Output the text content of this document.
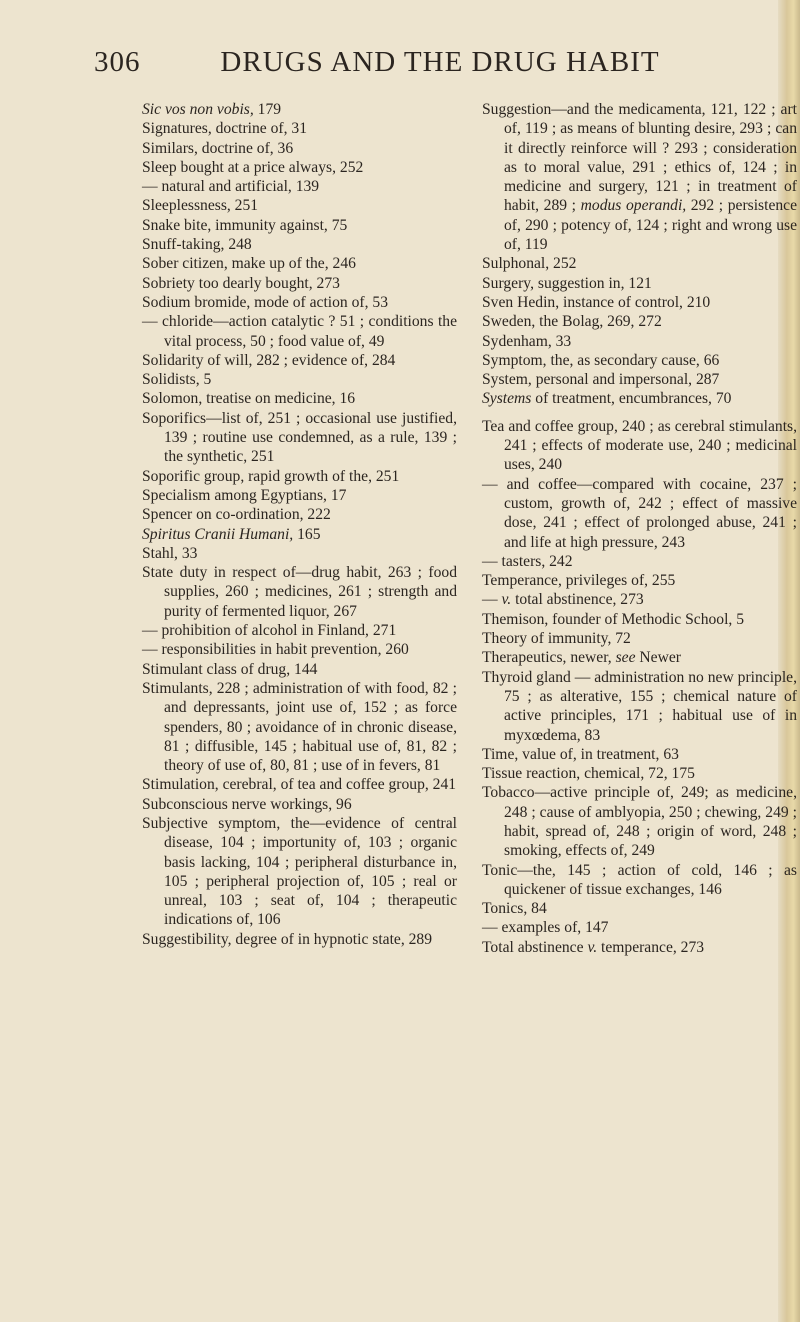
306	DRUGS AND THE DRUG HABIT

Sic vos non vobis, 179

Signatures, doctrine of, 31

Similars, doctrine of, 36

Sleep bought at a price always, 252

— natural and artificial, 139

Sleeplessness, 251

Snake bite, immunity against, 75

Snuff-taking, 248

Sober citizen, make up of the, 246

Sobriety too dearly bought, 273

Sodium bromide, mode of action of, 53

— chloride—action catalytic ? 51 ; conditions the vital process, 50 ; food value of, 49

Solidarity of will, 282 ; evidence of, 284

Solidists, 5

Solomon, treatise on medicine, 16

Soporifics—list of, 251 ; occasional use justified, 139 ; routine use condemned, as a rule, 139 ; the synthetic, 251

Soporific group, rapid growth of the, 251

Specialism among Egyptians, 17

Spencer on co-ordination, 222

Spiritus Cranii Humani, 165

Stahl, 33

State duty in respect of—drug habit, 263 ; food supplies, 260 ; medicines, 261 ; strength and purity of fermented liquor, 267

— prohibition of alcohol in Finland, 271

— responsibilities in habit prevention, 260

Stimulant class of drug, 144

Stimulants, 228 ; administration of with food, 82 ; and depressants, joint use of, 152 ; as force spenders, 80 ; avoidance of in chronic disease, 81 ; diffusible, 145 ; habitual use of, 81, 82 ; theory of use of, 80, 81 ; use of in fevers, 81

Stimulation, cerebral, of tea and coffee group, 241

Subconscious nerve workings, 96

Subjective symptom, the—evidence of central disease, 104 ; importunity of, 103 ; organic basis lacking, 104 ; peripheral disturbance in, 105 ; peripheral projection of, 105 ; real or unreal, 103 ; seat of, 104 ; therapeutic indications of, 106

Suggestibility, degree of in hypnotic state, 289

Suggestion—and the medicamenta, 121, 122 ; art of, 119 ; as means of blunting desire, 293 ; can it directly reinforce will ? 293 ; consideration as to moral value, 291 ; ethics of, 124 ; in medicine and surgery, 121 ; in treatment of habit, 289 ; modus operandi, 292 ; persistence of, 290 ; potency of, 124 ; right and wrong use of, 119

Sulphonal, 252

Surgery, suggestion in, 121

Sven Hedin, instance of control, 210

Sweden, the Bolag, 269, 272

Sydenham, 33

Symptom, the, as secondary cause, 66

System, personal and impersonal, 287

Systems of treatment, encumbrances, 70

Tea and coffee group, 240 ; as cerebral stimulants, 241 ; effects of moderate use, 240 ; medicinal uses, 240

— and coffee—compared with cocaine, 237 ; custom, growth of, 242 ; effect of massive dose, 241 ; effect of prolonged abuse, 241 ; and life at high pressure, 243

— tasters, 242

Temperance, privileges of, 255

— v. total abstinence, 273

Themison, founder of Methodic School, 5

Theory of immunity, 72

Therapeutics, newer, see Newer

Thyroid gland — administration no new principle, 75 ; as alterative, 155 ; chemical nature of active principles, 171 ; habitual use of in myxœdema, 83

Time, value of, in treatment, 63

Tissue reaction, chemical, 72, 175

Tobacco—active principle of, 249; as medicine, 248 ; cause of amblyopia, 250 ; chewing, 249 ; habit, spread of, 248 ; origin of word, 248 ; smoking, effects of, 249

Tonic—the, 145 ; action of cold, 146 ; as quickener of tissue exchanges, 146

Tonics, 84

— examples of, 147

Total abstinence v. temperance, 273
